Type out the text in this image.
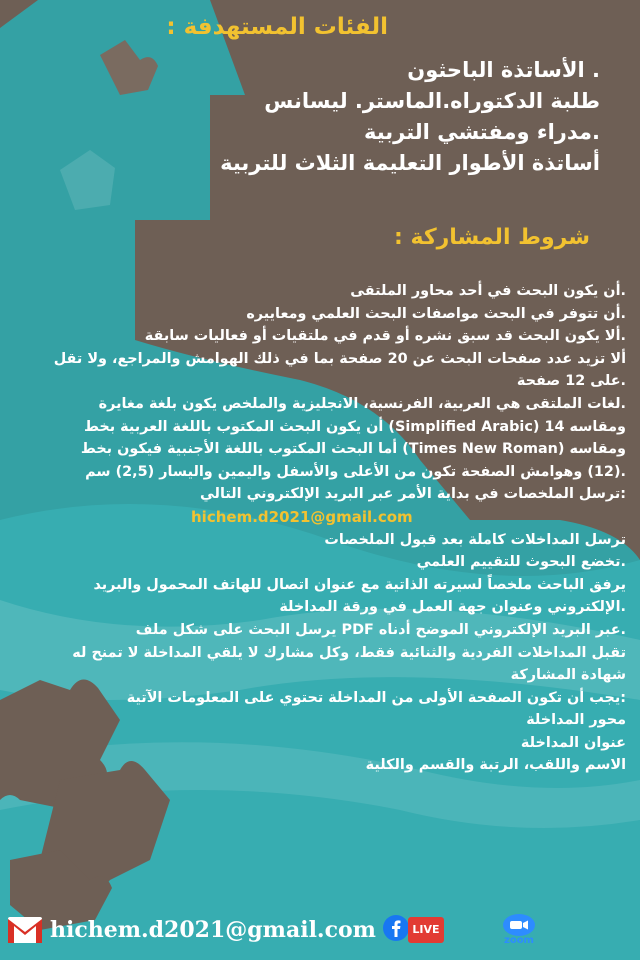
الفئات المستهدفة :
. الأساتذة الباحثون
طلبة الدكتوراه.الماستر. ليسانس
.مدراء ومفتشي التربية
أساتذة الأطوار التعليمة الثلاث للتربية
شروط المشاركة :
.أن يكون البحث في أحد محاور الملتقى
.أن تتوفر في البحث مواصفات البحث العلمي ومعاييره
.ألا يكون البحث قد سبق نشره أو قدم في ملتقيات أو فعاليات سابقة
ألا تزيد عدد صفحات البحث عن 20 صفحة بما في ذلك الهوامش والمراجع، ولا تقل
.على 12 صفحة
.لغات الملتقى هي العربية، الفرنسية، الانجليزية والملخص يكون بلغة مغايرة
ومقاسه 14 (Simplified Arabic) أن يكون البحث المكتوب باللغة العربية بخط
ومقاسه (Times New Roman) أما البحث المكتوب باللغة الأجنبية فيكون بخط
.(12) وهوامش الصفحة تكون من الأعلى والأسفل واليمين واليسار (2,5) سم
:ترسل الملخصات في بداية الأمر عبر البريد الإلكتروني التالي
hichem.d2021@gmail.com
ترسل المداخلات كاملة بعد قبول الملخصات
.تخضع البحوث للتقييم العلمي
يرفق الباحث ملخصاً لسيرته الذاتية مع عنوان اتصال للهاتف المحمول والبريد
.الإلكتروني وعنوان جهة العمل في ورقة المداخلة
.عبر البريد الإلكتروني الموضح أدناه PDF يرسل البحث على شكل ملف
تقبل المداخلات الفردية والثنائية فقط، وكل مشارك لا يلقي المداخلة لا تمنح له
شهادة المشاركة
:يجب أن تكون الصفحة الأولى من المداخلة تحتوي على المعلومات الآتية
محور المداخلة
عنوان المداخلة
الاسم واللقب، الرتبة والقسم والكلية
hichem.d2021@gmail.com	LIVE
zoom
